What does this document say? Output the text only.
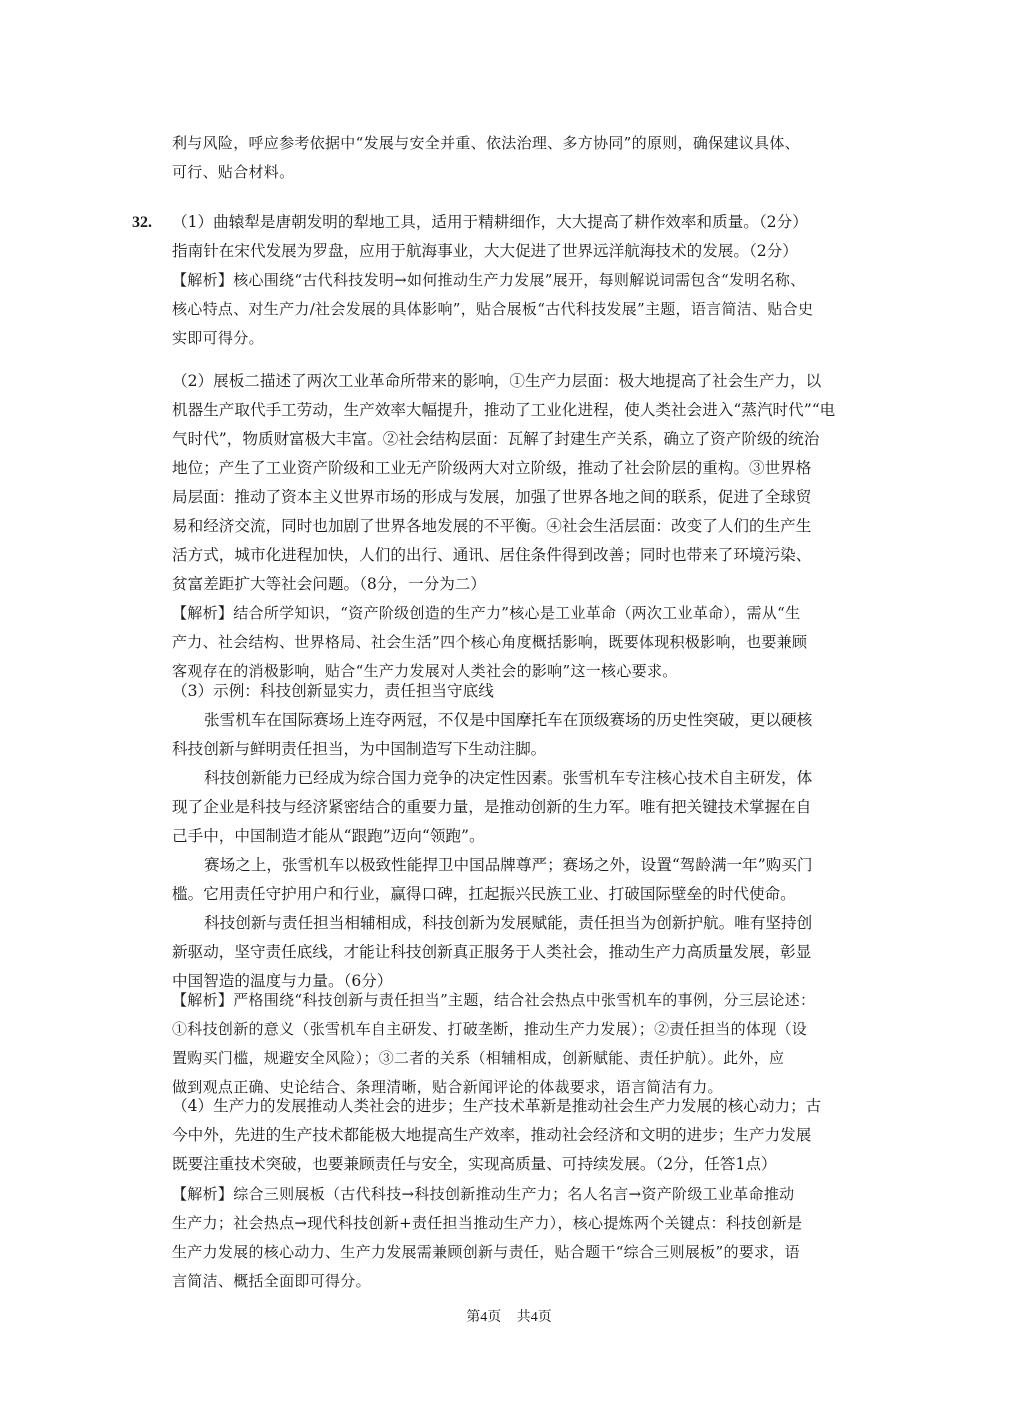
利与风险，呼应参考依据中“发展与安全并重、依法治理、多方协同”的原则，确保建议具体、
可行、贴合材料。
32. （1）曲辕犁是唐朝发明的犁地工具，适用于精耕细作，大大提高了耕作效率和质量。（2分）
指南针在宋代发展为罗盘，应用于航海事业，大大促进了世界远洋航海技术的发展。（2分）
【解析】核心围绕“古代科技发明→如何推动生产力发展”展开，每则解说词需包含“发明名称、
核心特点、对生产力/社会发展的具体影响”，贴合展板“古代科技发展”主题，语言简洁、贴合史
实即可得分。
（2）展板二描述了两次工业革命所带来的影响，①生产力层面：极大地提高了社会生产力，以
机器生产取代手工劳动，生产效率大幅提升，推动了工业化进程，使人类社会进入“蒸汽时代”“电
气时代”，物质财富极大丰富。②社会结构层面：瓦解了封建生产关系，确立了资产阶级的统治
地位；产生了工业资产阶级和工业无产阶级两大对立阶级，推动了社会阶层的重构。③世界格
局层面：推动了资本主义世界市场的形成与发展，加强了世界各地之间的联系，促进了全球贸
易和经济交流，同时也加剧了世界各地发展的不平衡。④社会生活层面：改变了人们的生产生
活方式，城市化进程加快，人们的出行、通讯、居住条件得到改善；同时也带来了环境污染、
贫富差距扩大等社会问题。（8分，一分为二）
【解析】结合所学知识，“资产阶级创造的生产力”核心是工业革命（两次工业革命），需从“生
产力、社会结构、世界格局、社会生活”四个核心角度概括影响，既要体现积极影响，也要兼顾
客观存在的消极影响，贴合“生产力发展对人类社会的影响”这一核心要求。
（3）示例：科技创新显实力，责任担当守底线
张雪机车在国际赛场上连夺两冠，不仅是中国摩托车在顶级赛场的历史性突破，更以硬核
科技创新与鲜明责任担当，为中国制造写下生动注脚。
科技创新能力已经成为综合国力竞争的决定性因素。张雪机车专注核心技术自主研发，体
现了企业是科技与经济紧密结合的重要力量，是推动创新的生力军。唯有把关键技术掌握在自
己手中，中国制造才能从“跟跑”迈向“领跑”。
赛场之上，张雪机车以极致性能捍卫中国品牌尊严；赛场之外，设置“驾龄满一年”购买门
槛。它用责任守护用户和行业，赢得口碑，扛起振兴民族工业、打破国际壁垒的时代使命。
科技创新与责任担当相辅相成，科技创新为发展赋能，责任担当为创新护航。唯有坚持创
新驱动，坚守责任底线，才能让科技创新真正服务于人类社会，推动生产力高质量发展，彰显
中国智造的温度与力量。（6分）
【解析】严格围绕“科技创新与责任担当”主题，结合社会热点中张雪机车的事例，分三层论述：
①科技创新的意义（张雪机车自主研发、打破垄断，推动生产力发展）；②责任担当的体现（设
置购买门槛，规避安全风险）；③二者的关系（相辅相成，创新赋能、责任护航）。此外，应
做到观点正确、史论结合、条理清晰，贴合新闻评论的体裁要求，语言简洁有力。
（4）生产力的发展推动人类社会的进步；生产技术革新是推动社会生产力发展的核心动力；古
今中外，先进的生产技术都能极大地提高生产效率，推动社会经济和文明的进步；生产力发展
既要注重技术突破，也要兼顾责任与安全，实现高质量、可持续发展。（2分，任答1点）
【解析】综合三则展板（古代科技→科技创新推动生产力；名人名言→资产阶级工业革命推动
生产力；社会热点→现代科技创新+责任担当推动生产力），核心提炼两个关键点：科技创新是
生产力发展的核心动力、生产力发展需兼顾创新与责任，贴合题干“综合三则展板”的要求，语
言简洁、概括全面即可得分。
第4页 共4页
